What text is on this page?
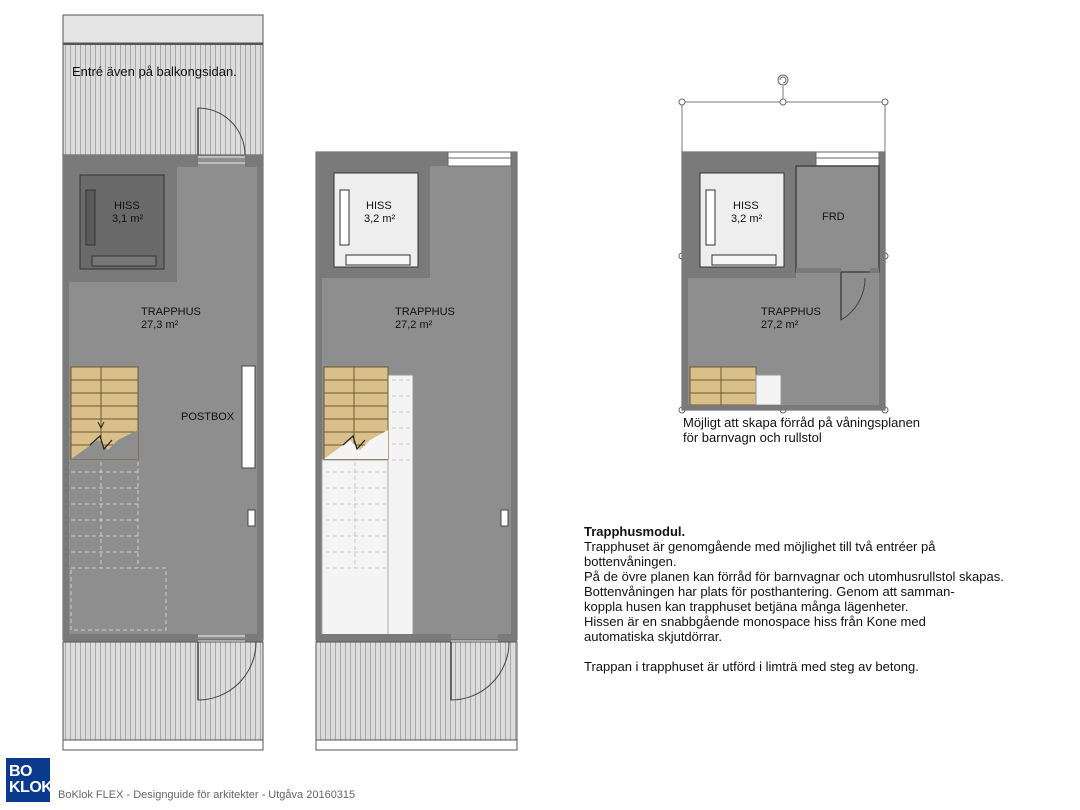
Entré även på balkongsidan.
HISS
3,1 m²
TRAPPHUS
27,3 m²
POSTBOX
HISS
3,2 m²
TRAPPHUS
27,2 m²
HISS
3,2 m²	FRD
TRAPPHUS
27,2 m²
Möjligt att skapa förråd på våningsplanen
för barnvagn och rullstol
Trapphusmodul.

Trapphuset är genomgående med möjlighet till två entréer på

bottenvåningen.

På de övre planen kan förråd för barnvagnar och utomhusrullstol skapas.

Bottenvåningen har plats för posthantering. Genom att samman-

koppla husen kan trapphuset betjäna många lägenheter.

Hissen är en snabbgående monospace hiss från Kone med

automatiska skjutdörrar.

Trappan i trapphuset är utförd i limträ med steg av betong.

BO
KLOK BoKlok FLEX - Designguide för arkitekter - Utgåva 20160315
